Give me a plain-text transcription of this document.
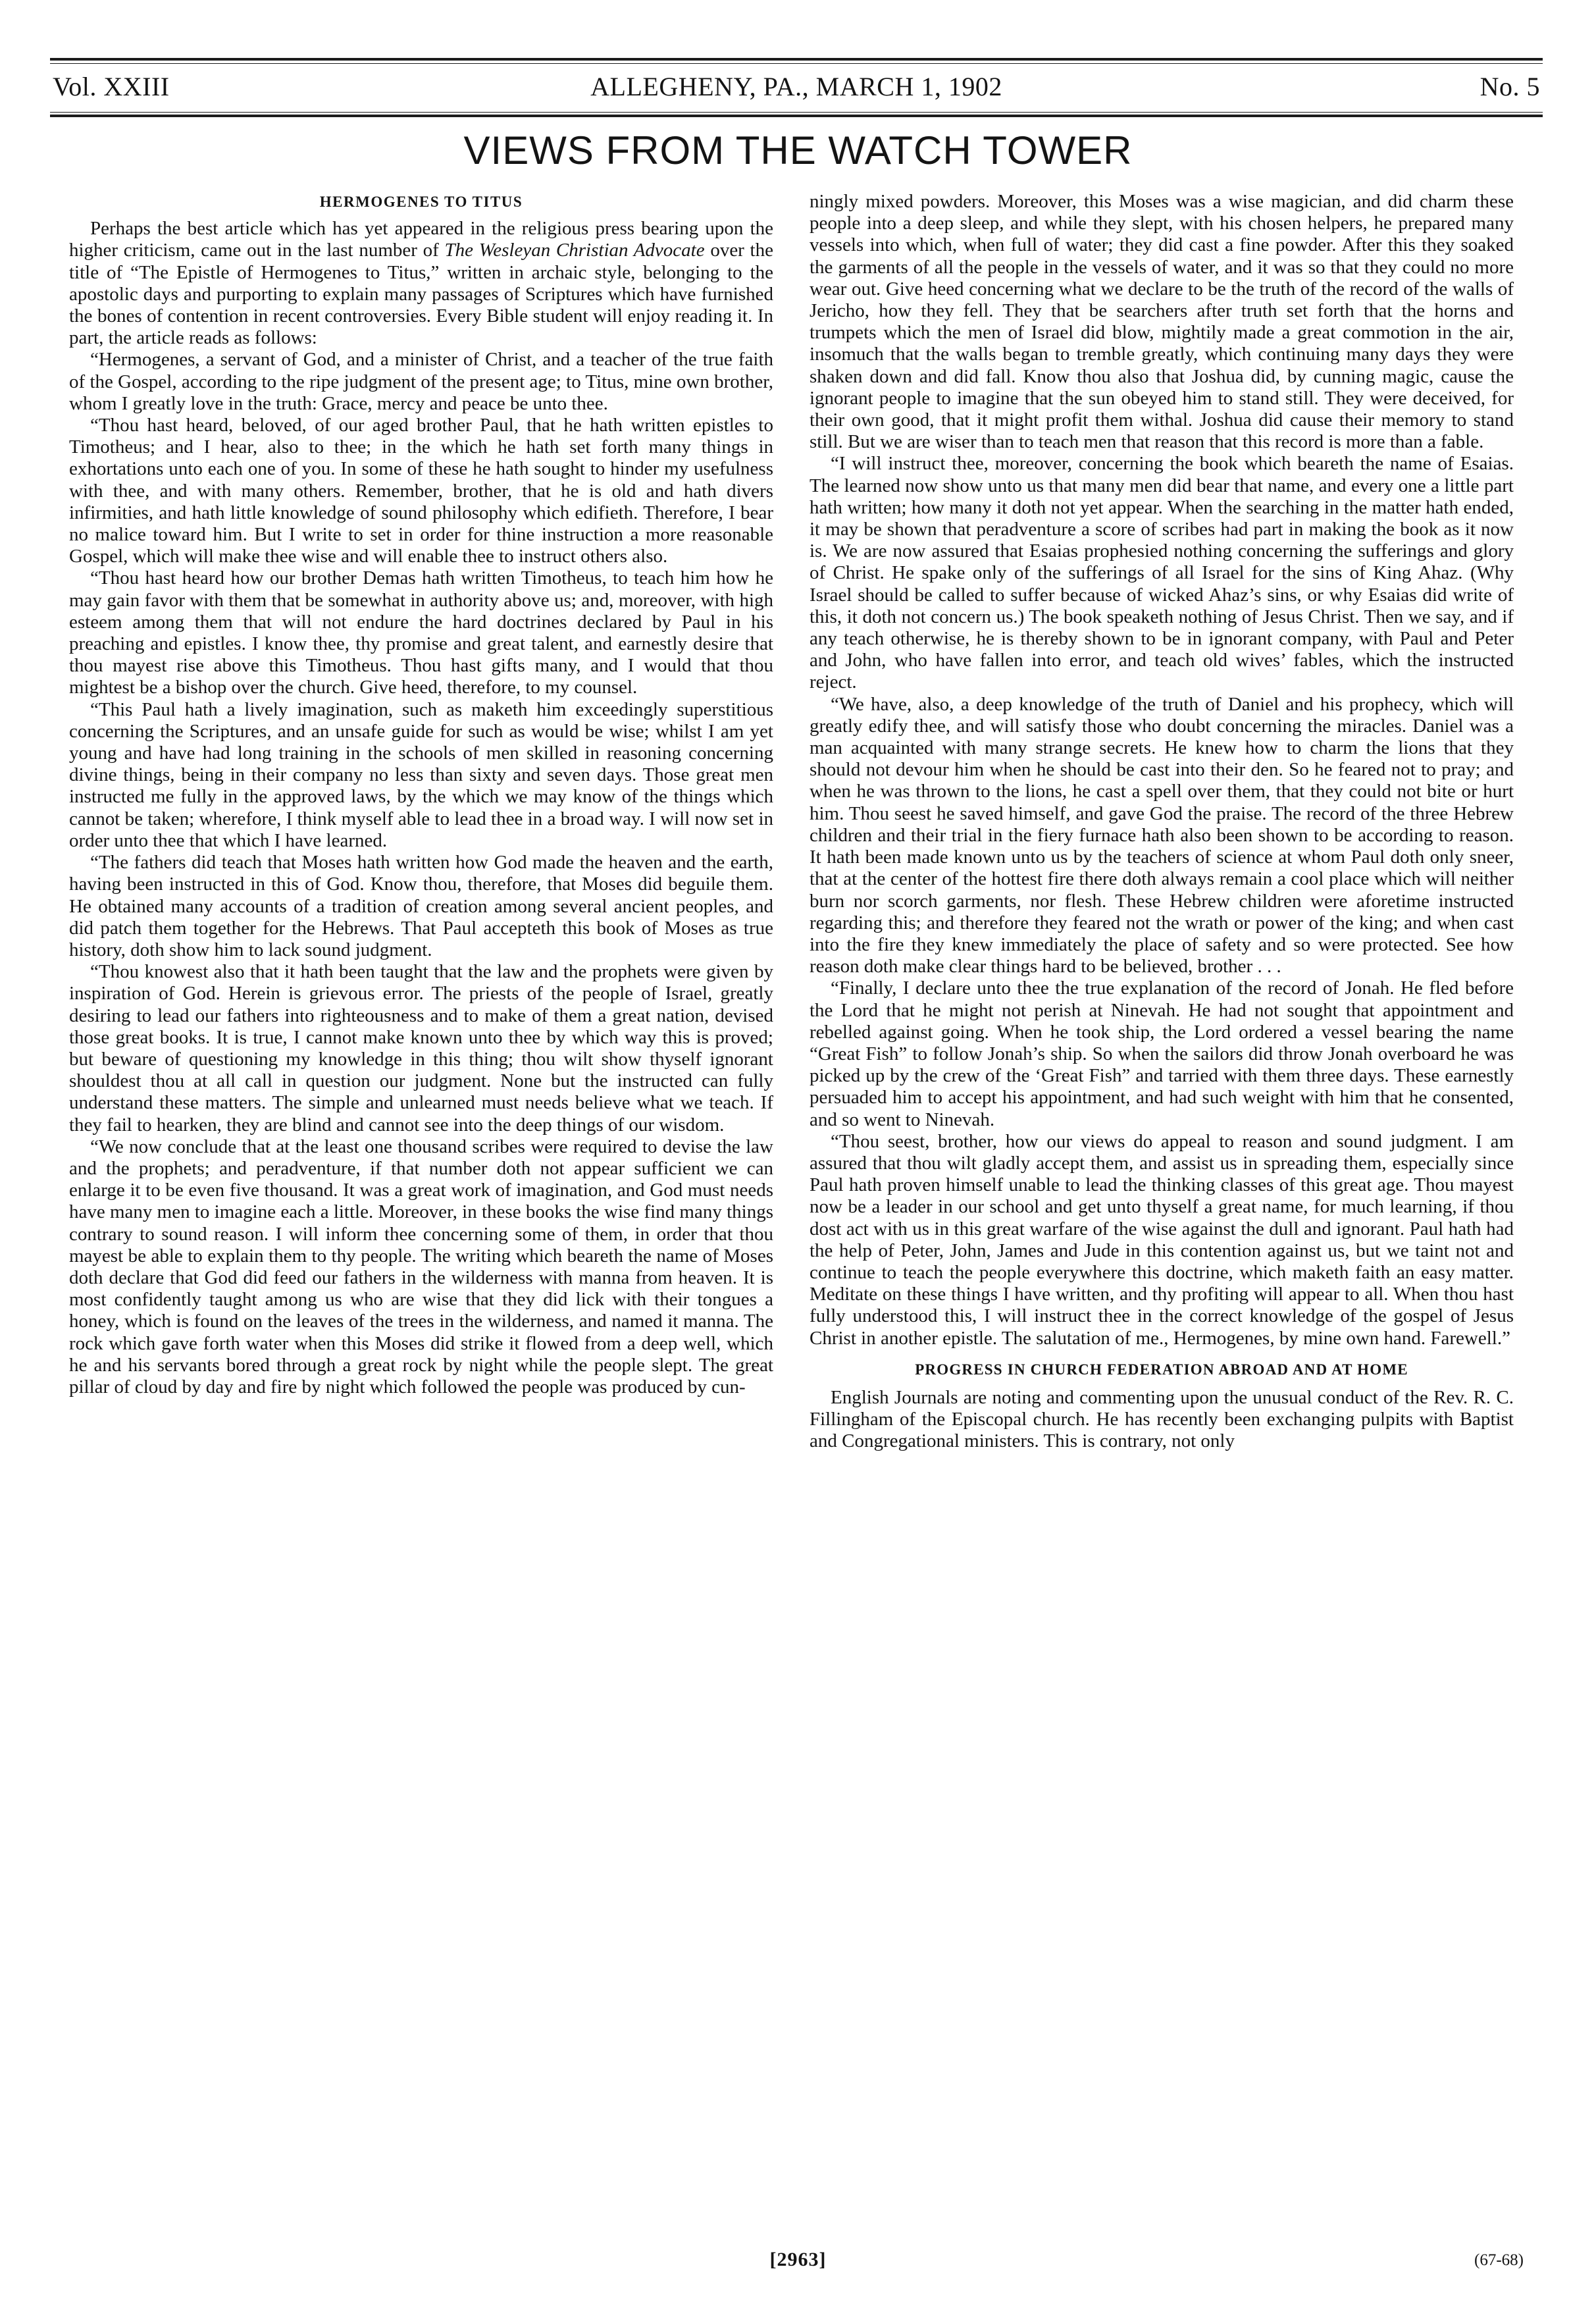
Vol. XXIII	ALLEGHENY, PA., MARCH 1, 1902	No. 5
VIEWS FROM THE WATCH TOWER
HERMOGENES TO TITUS

Perhaps the best article which has yet appeared in the religious press bearing upon the higher criticism, came out in the last number of The Wesleyan Christian Advocate over the title of “The Epistle of Hermogenes to Titus,” written in archaic style, belonging to the apostolic days and purporting to explain many passages of Scriptures which have furnished the bones of contention in recent controversies. Every Bible student will enjoy reading it. In part, the article reads as follows:

“Hermogenes, a servant of God, and a minister of Christ, and a teacher of the true faith of the Gospel, according to the ripe judgment of the present age; to Titus, mine own brother, whom I greatly love in the truth: Grace, mercy and peace be unto thee.

“Thou hast heard, beloved, of our aged brother Paul, that he hath written epistles to Timotheus; and I hear, also to thee; in the which he hath set forth many things in exhortations unto each one of you. In some of these he hath sought to hinder my usefulness with thee, and with many others. Remember, brother, that he is old and hath divers infirmities, and hath little knowledge of sound philosophy which edifieth. Therefore, I bear no malice toward him. But I write to set in order for thine instruction a more reasonable Gospel, which will make thee wise and will enable thee to instruct others also.

“Thou hast heard how our brother Demas hath written Timotheus, to teach him how he may gain favor with them that be somewhat in authority above us; and, moreover, with high esteem among them that will not endure the hard doctrines declared by Paul in his preaching and epistles. I know thee, thy promise and great talent, and earnestly desire that thou mayest rise above this Timotheus. Thou hast gifts many, and I would that thou mightest be a bishop over the church. Give heed, therefore, to my counsel.

“This Paul hath a lively imagination, such as maketh him exceedingly superstitious concerning the Scriptures, and an unsafe guide for such as would be wise; whilst I am yet young and have had long training in the schools of men skilled in reasoning concerning divine things, being in their company no less than sixty and seven days. Those great men instructed me fully in the approved laws, by the which we may know of the things which cannot be taken; wherefore, I think myself able to lead thee in a broad way. I will now set in order unto thee that which I have learned.

“The fathers did teach that Moses hath written how God made the heaven and the earth, having been instructed in this of God. Know thou, therefore, that Moses did beguile them. He obtained many accounts of a tradition of creation among several ancient peoples, and did patch them together for the Hebrews. That Paul accepteth this book of Moses as true history, doth show him to lack sound judgment.

“Thou knowest also that it hath been taught that the law and the prophets were given by inspiration of God. Herein is grievous error. The priests of the people of Israel, greatly desiring to lead our fathers into righteousness and to make of them a great nation, devised those great books. It is true, I cannot make known unto thee by which way this is proved; but beware of questioning my knowledge in this thing; thou wilt show thyself ignorant shouldest thou at all call in question our judgment. None but the instructed can fully understand these matters. The simple and unlearned must needs believe what we teach. If they fail to hearken, they are blind and cannot see into the deep things of our wisdom.

“We now conclude that at the least one thousand scribes were required to devise the law and the prophets; and peradventure, if that number doth not appear sufficient we can enlarge it to be even five thousand. It was a great work of imagination, and God must needs have many men to imagine each a little. Moreover, in these books the wise find many things contrary to sound reason. I will inform thee concerning some of them, in order that thou mayest be able to explain them to thy people. The writing which beareth the name of Moses doth declare that God did feed our fathers in the wilderness with manna from heaven. It is most confidently taught among us who are wise that they did lick with their tongues a honey, which is found on the leaves of the trees in the wilderness, and named it manna. The rock which gave forth water when this Moses did strike it flowed from a deep well, which he and his servants bored through a great rock by night while the people slept. The great pillar of cloud by day and fire by night which followed the people was produced by cun-

ningly mixed powders. Moreover, this Moses was a wise magician, and did charm these people into a deep sleep, and while they slept, with his chosen helpers, he prepared many vessels into which, when full of water; they did cast a fine powder. After this they soaked the garments of all the people in the vessels of water, and it was so that they could no more wear out. Give heed concerning what we declare to be the truth of the record of the walls of Jericho, how they fell. They that be searchers after truth set forth that the horns and trumpets which the men of Israel did blow, mightily made a great commotion in the air, insomuch that the walls began to tremble greatly, which continuing many days they were shaken down and did fall. Know thou also that Joshua did, by cunning magic, cause the ignorant people to imagine that the sun obeyed him to stand still. They were deceived, for their own good, that it might profit them withal. Joshua did cause their memory to stand still. But we are wiser than to teach men that reason that this record is more than a fable.

“I will instruct thee, moreover, concerning the book which beareth the name of Esaias. The learned now show unto us that many men did bear that name, and every one a little part hath written; how many it doth not yet appear. When the searching in the matter hath ended, it may be shown that peradventure a score of scribes had part in making the book as it now is. We are now assured that Esaias prophesied nothing concerning the sufferings and glory of Christ. He spake only of the sufferings of all Israel for the sins of King Ahaz. (Why Israel should be called to suffer because of wicked Ahaz’s sins, or why Esaias did write of this, it doth not concern us.) The book speaketh nothing of Jesus Christ. Then we say, and if any teach otherwise, he is thereby shown to be in ignorant company, with Paul and Peter and John, who have fallen into error, and teach old wives’ fables, which the instructed reject.

“We have, also, a deep knowledge of the truth of Daniel and his prophecy, which will greatly edify thee, and will satisfy those who doubt concerning the miracles. Daniel was a man acquainted with many strange secrets. He knew how to charm the lions that they should not devour him when he should be cast into their den. So he feared not to pray; and when he was thrown to the lions, he cast a spell over them, that they could not bite or hurt him. Thou seest he saved himself, and gave God the praise. The record of the three Hebrew children and their trial in the fiery furnace hath also been shown to be according to reason. It hath been made known unto us by the teachers of science at whom Paul doth only sneer, that at the center of the hottest fire there doth always remain a cool place which will neither burn nor scorch garments, nor flesh. These Hebrew children were aforetime instructed regarding this; and therefore they feared not the wrath or power of the king; and when cast into the fire they knew immediately the place of safety and so were protected. See how reason doth make clear things hard to be believed, brother . . .

“Finally, I declare unto thee the true explanation of the record of Jonah. He fled before the Lord that he might not perish at Ninevah. He had not sought that appointment and rebelled against going. When he took ship, the Lord ordered a vessel bearing the name “Great Fish” to follow Jonah’s ship. So when the sailors did throw Jonah overboard he was picked up by the crew of the ‘Great Fish” and tarried with them three days. These earnestly persuaded him to accept his appointment, and had such weight with him that he consented, and so went to Ninevah.

“Thou seest, brother, how our views do appeal to reason and sound judgment. I am assured that thou wilt gladly accept them, and assist us in spreading them, especially since Paul hath proven himself unable to lead the thinking classes of this great age. Thou mayest now be a leader in our school and get unto thyself a great name, for much learning, if thou dost act with us in this great warfare of the wise against the dull and ignorant. Paul hath had the help of Peter, John, James and Jude in this contention against us, but we taint not and continue to teach the people everywhere this doctrine, which maketh faith an easy matter. Meditate on these things I have written, and thy profiting will appear to all. When thou hast fully understood this, I will instruct thee in the correct knowledge of the gospel of Jesus Christ in another epistle. The salutation of me., Hermogenes, by mine own hand. Farewell.”

PROGRESS IN CHURCH FEDERATION ABROAD AND AT HOME

English Journals are noting and commenting upon the unusual conduct of the Rev. R. C. Fillingham of the Episcopal church. He has recently been exchanging pulpits with Baptist and Congregational ministers. This is contrary, not only

[2963]	(67-68)
